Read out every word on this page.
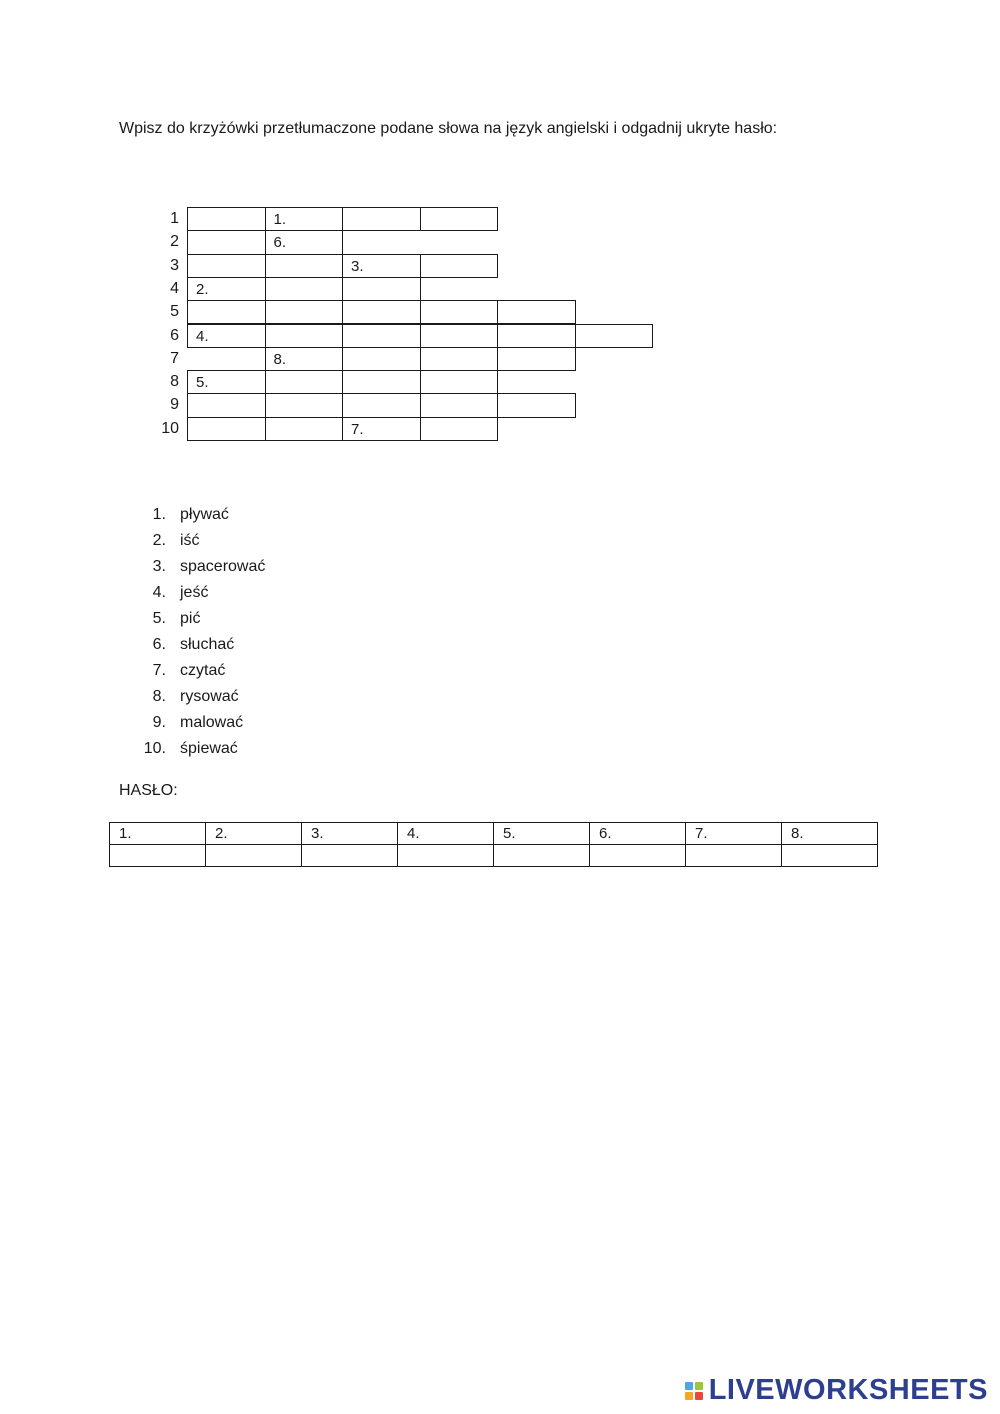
Wpisz do krzyżówki przetłumaczone podane słowa na język angielski i odgadnij ukryte hasło:
1	1.
2	6.
3	3.
4 2.
5
6 4.
7	8.
8 5.
9
10	7.
1. pływać
2. iść
3. spacerować
4. jeść
5. pić
6. słuchać
7. czytać
8. rysować
9. malować
10. śpiewać
HASŁO:
1.	2.	3.	4.	5.	6.	7.	8.

LIVEWORKSHEETS
